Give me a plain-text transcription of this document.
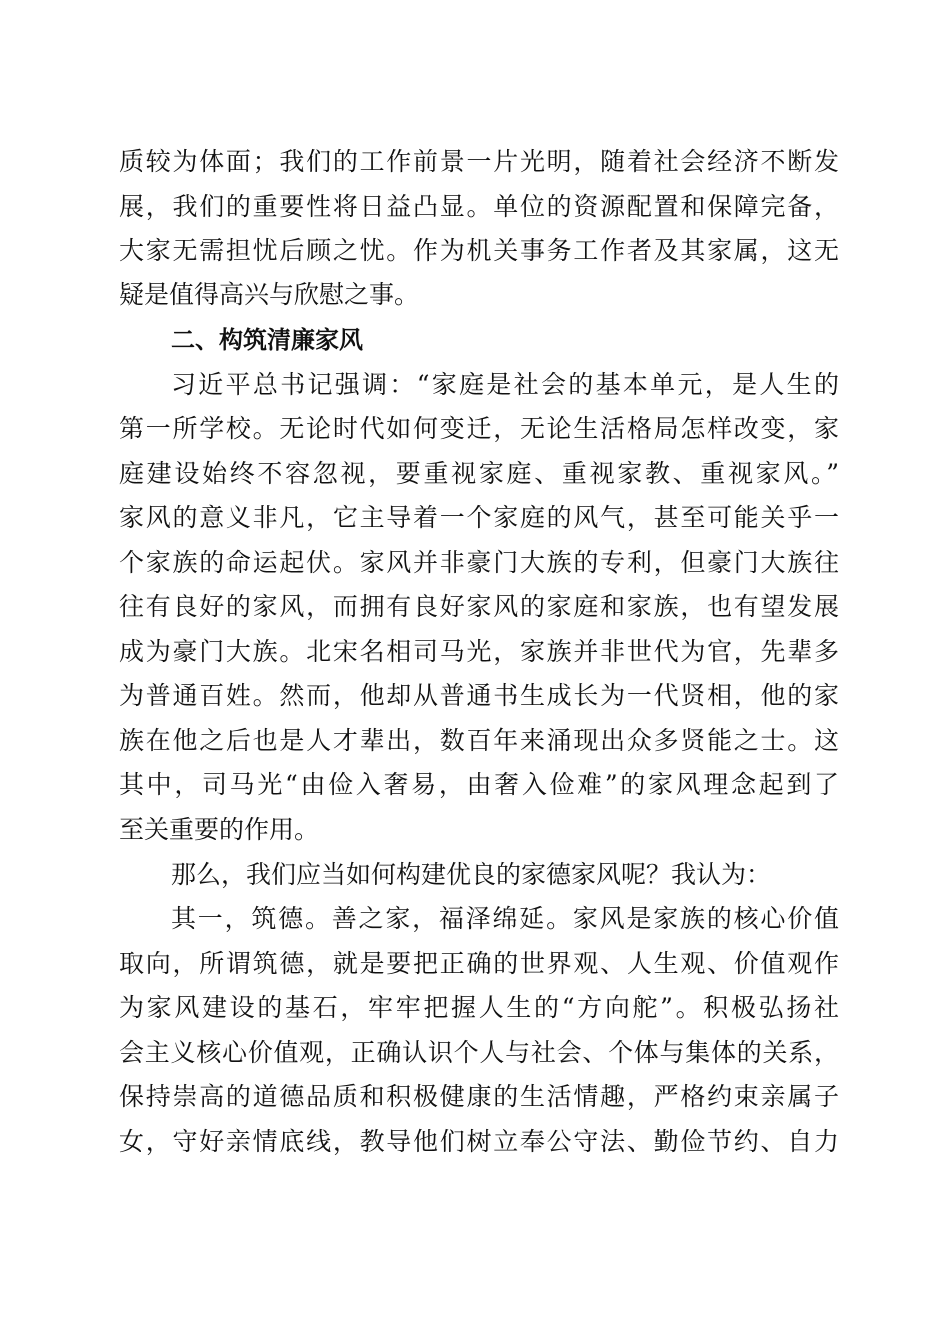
质较为体面；我们的工作前景一片光明，随着社会经济不断发
展，我们的重要性将日益凸显。单位的资源配置和保障完备，
大家无需担忧后顾之忧。作为机关事务工作者及其家属，这无
疑是值得高兴与欣慰之事。
二、构筑清廉家风
习近平总书记强调：“家庭是社会的基本单元，是人生的
第一所学校。无论时代如何变迁，无论生活格局怎样改变，家
庭建设始终不容忽视，要重视家庭、重视家教、重视家风。”
家风的意义非凡，它主导着一个家庭的风气，甚至可能关乎一
个家族的命运起伏。家风并非豪门大族的专利，但豪门大族往
往有良好的家风，而拥有良好家风的家庭和家族，也有望发展
成为豪门大族。北宋名相司马光，家族并非世代为官，先辈多
为普通百姓。然而，他却从普通书生成长为一代贤相，他的家
族在他之后也是人才辈出，数百年来涌现出众多贤能之士。这
其中，司马光“由俭入奢易，由奢入俭难”的家风理念起到了
至关重要的作用。
那么，我们应当如何构建优良的家德家风呢？我认为：
其一，筑德。善之家，福泽绵延。家风是家族的核心价值
取向，所谓筑德，就是要把正确的世界观、人生观、价值观作
为家风建设的基石，牢牢把握人生的“方向舵”。积极弘扬社
会主义核心价值观，正确认识个人与社会、个体与集体的关系，
保持崇高的道德品质和积极健康的生活情趣，严格约束亲属子
女，守好亲情底线，教导他们树立奉公守法、勤俭节约、自力
